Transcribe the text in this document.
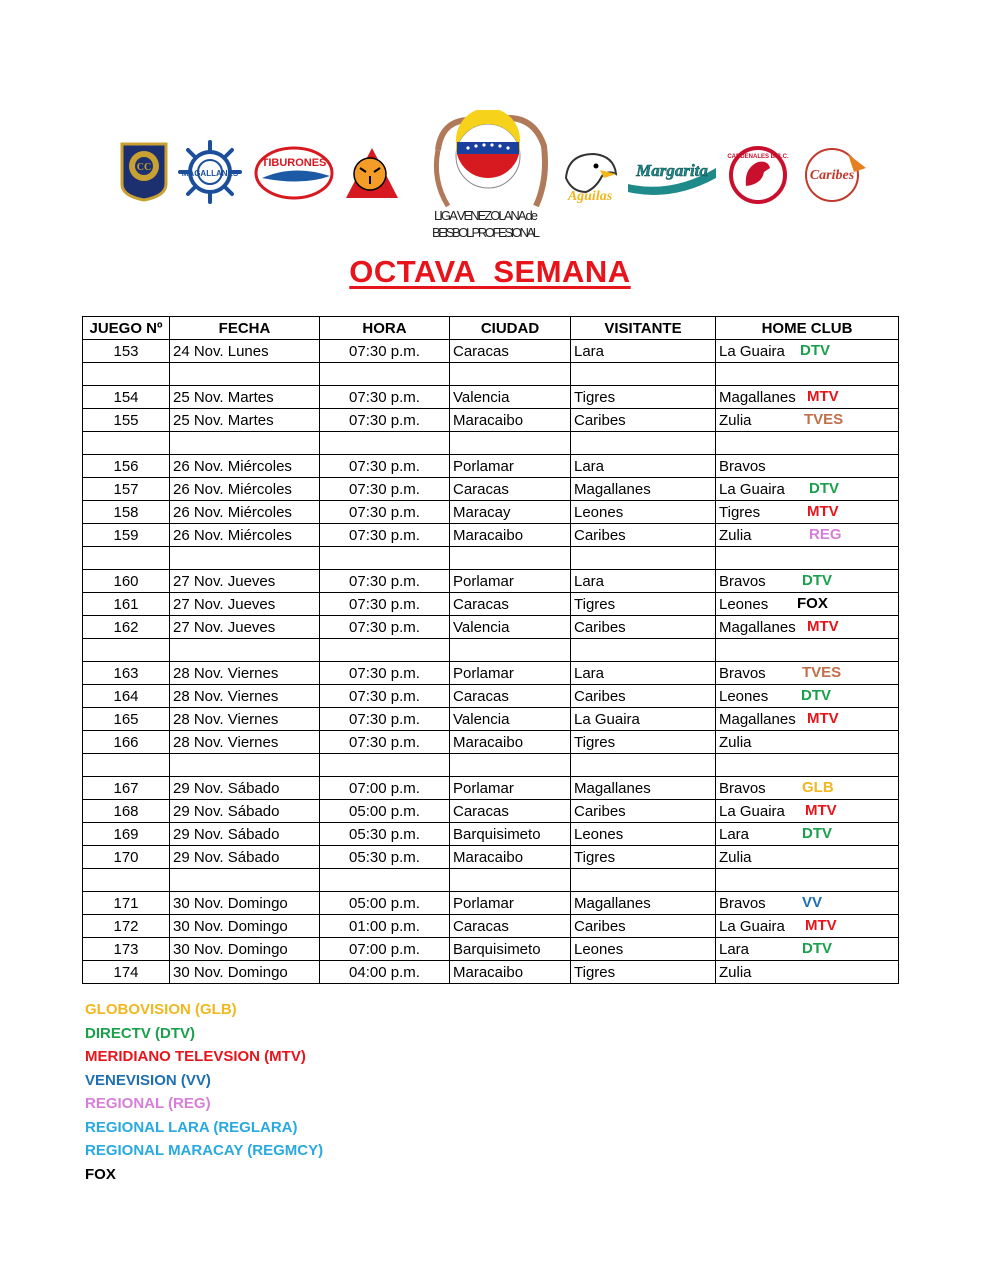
CC
MAGALLANES
TIBURONES
LIGA VENEZOLANA de
BEISBOL PROFESIONAL
Aguilas
Margarita
CARDENALES B.B.C.
Caribes
OCTAVA  SEMANA
JUEGO Nº	FECHA	HORA	CIUDAD	VISITANTE	HOME CLUB
153	24 Nov. Lunes	07:30 p.m.	Caracas	Lara	La Guaira DTV

154	25 Nov. Martes	07:30 p.m.	Valencia	Tigres	Magallanes MTV

155	25 Nov. Martes	07:30 p.m.	Maracaibo	Caribes	Zulia TVES

156	26 Nov. Miércoles	07:30 p.m.	Porlamar	Lara	Bravos
157	26 Nov. Miércoles	07:30 p.m.	Caracas	Magallanes	La Guaira DTV

158	26 Nov. Miércoles	07:30 p.m.	Maracay	Leones	Tigres MTV

159	26 Nov. Miércoles	07:30 p.m.	Maracaibo	Caribes	Zulia REG

160	27 Nov. Jueves	07:30 p.m.	Porlamar	Lara	Bravos DTV

161	27 Nov. Jueves	07:30 p.m.	Caracas	Tigres	Leones FOX

162	27 Nov. Jueves	07:30 p.m.	Valencia	Caribes	Magallanes MTV

163	28 Nov. Viernes	07:30 p.m.	Porlamar	Lara	Bravos TVES

164	28 Nov. Viernes	07:30 p.m.	Caracas	Caribes	Leones DTV

165	28 Nov. Viernes	07:30 p.m.	Valencia	La Guaira	Magallanes MTV

166	28 Nov. Viernes	07:30 p.m.	Maracaibo	Tigres	Zulia

167	29 Nov. Sábado	07:00 p.m.	Porlamar	Magallanes	Bravos GLB

168	29 Nov. Sábado	05:00 p.m.	Caracas	Caribes	La Guaira MTV

169	29 Nov. Sábado	05:30 p.m.	Barquisimeto	Leones	Lara DTV

170	29 Nov. Sábado	05:30 p.m.	Maracaibo	Tigres	Zulia

171	30 Nov. Domingo	05:00 p.m.	Porlamar	Magallanes	Bravos VV

172	30 Nov. Domingo	01:00 p.m.	Caracas	Caribes	La Guaira MTV

173	30 Nov. Domingo	07:00 p.m.	Barquisimeto	Leones	Lara DTV

174	30 Nov. Domingo	04:00 p.m.	Maracaibo	Tigres	Zulia
GLOBOVISION (GLB)
DIRECTV (DTV)
MERIDIANO TELEVSION (MTV)
VENEVISION (VV)
REGIONAL (REG)
REGIONAL LARA (REGLARA)
REGIONAL MARACAY (REGMCY)
FOX
